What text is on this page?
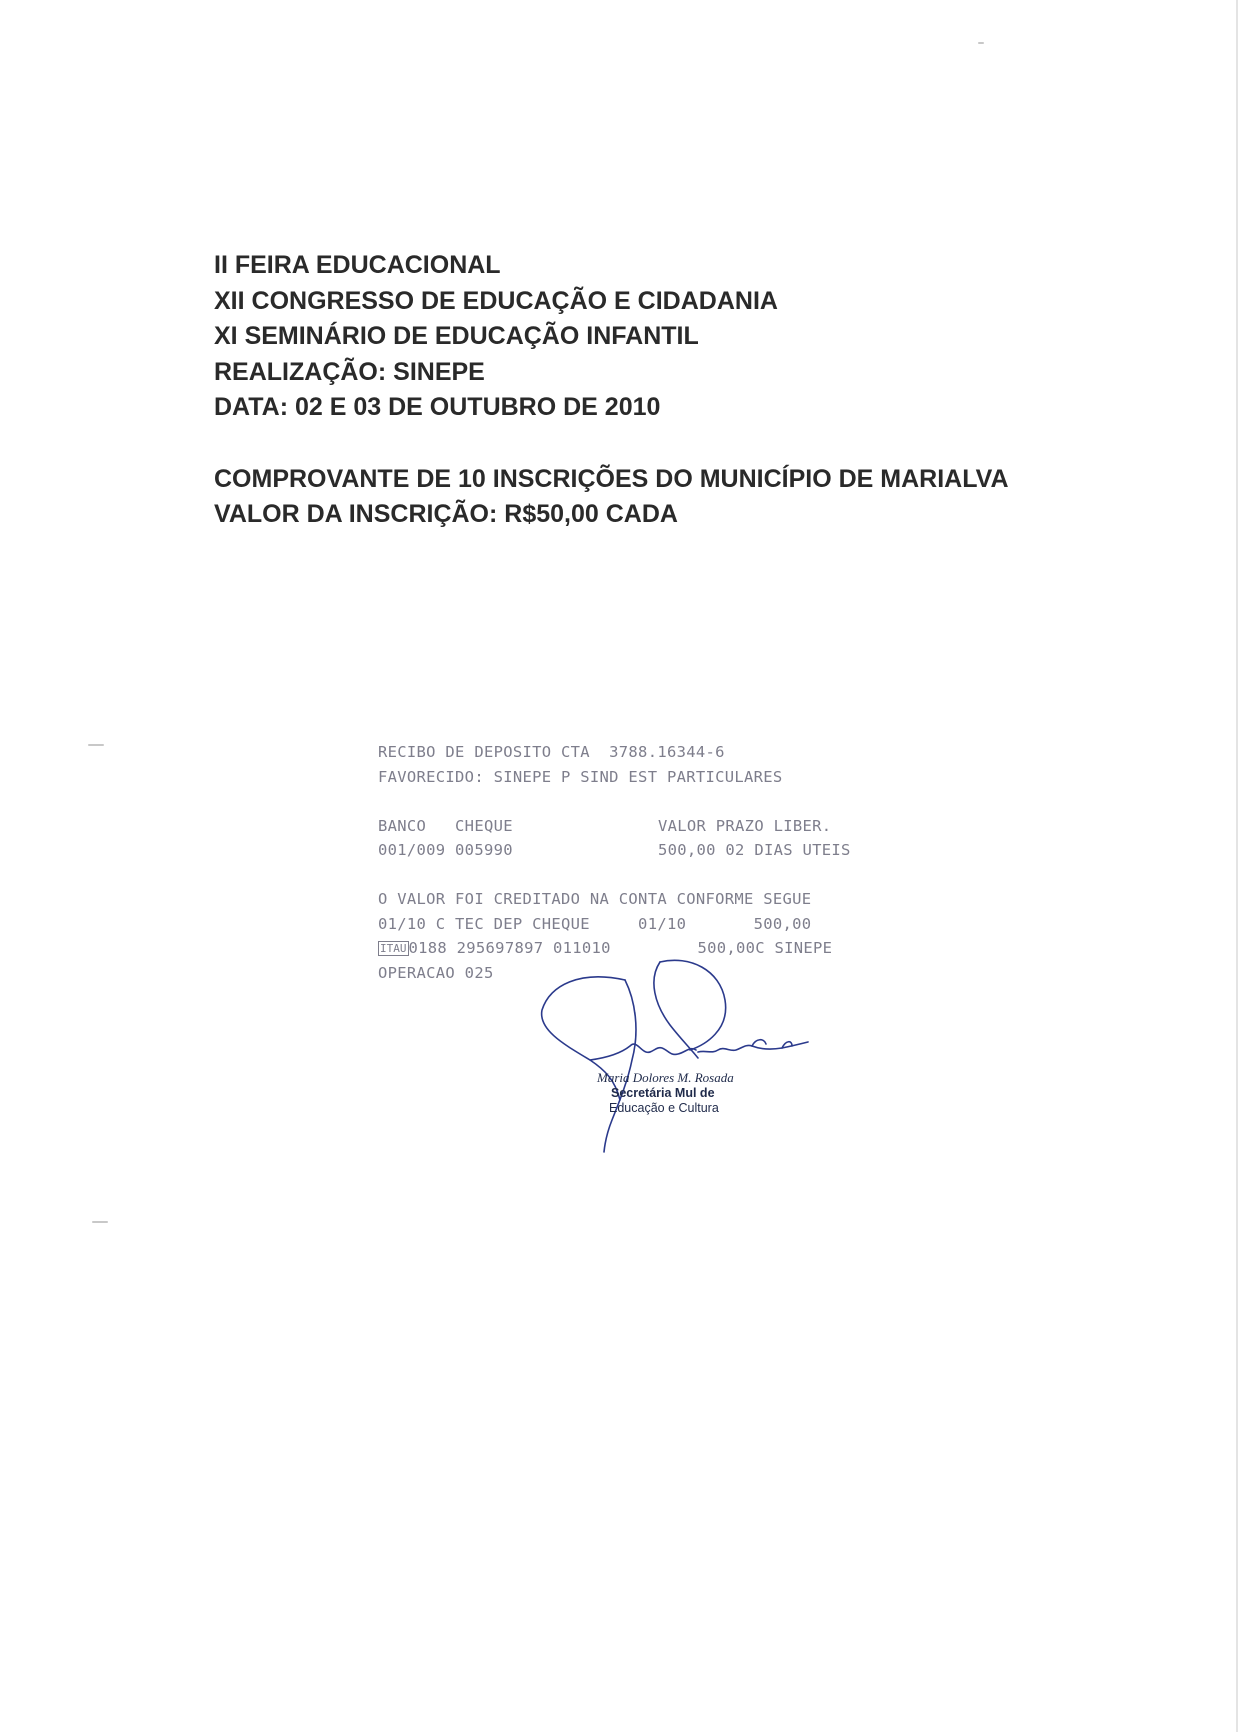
II FEIRA EDUCACIONAL
XII CONGRESSO DE EDUCAÇÃO E CIDADANIA
XI SEMINÁRIO DE EDUCAÇÃO INFANTIL
REALIZAÇÃO: SINEPE
DATA: 02 E 03 DE OUTUBRO DE 2010
COMPROVANTE DE 10 INSCRIÇÕES DO MUNICÍPIO DE MARIALVA
VALOR DA INSCRIÇÃO: R$50,00 CADA
RECIBO DE DEPOSITO CTA  3788.16344-6
FAVORECIDO: SINEPE P SIND EST PARTICULARES
BANCO   CHEQUE	VALOR PRAZO LIBER.
001/009 005990	500,00 02 DIAS UTEIS
O VALOR FOI CREDITADO NA CONTA CONFORME SEGUE
01/10 C TEC DEP CHEQUE     01/10       500,00
ITAU 0188 295697897 011010         500,00C SINEPE
OPERACAO 025
Maria Dolores M. Rosada
Secretária Mul de
Educação e Cultura
